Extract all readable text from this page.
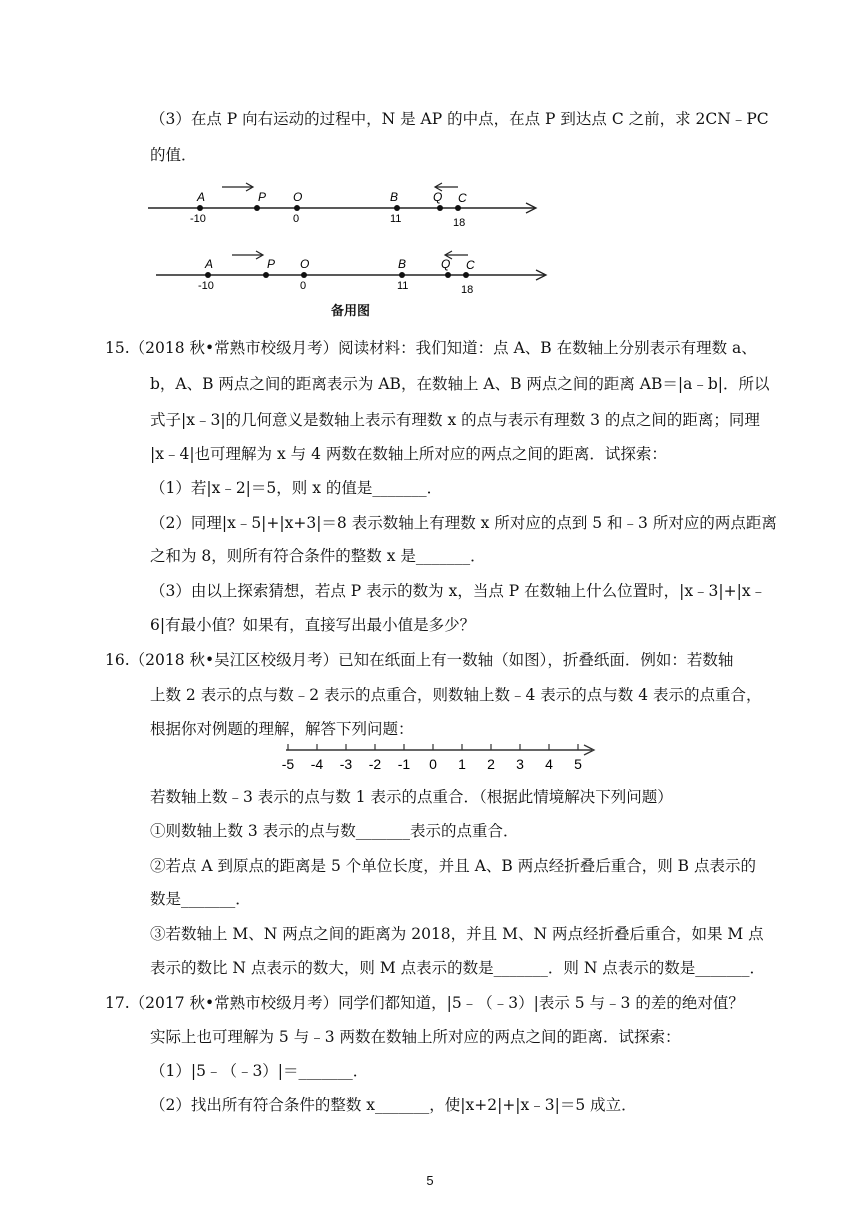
（3）在点 P 向右运动的过程中，N 是 AP 的中点，在点 P 到达点 C 之前，求 2CN﹣PC
的值．
A	P O	B	Q C
-10	0	11	18
A	P O	B	Q C
-10	0	11	18
备用图
15.（2018 秋•常熟市校级月考）阅读材料：我们知道：点 A、B 在数轴上分别表示有理数 a、
b，A、B 两点之间的距离表示为 AB，在数轴上 A、B 两点之间的距离 AB＝|a﹣b|．所以
式子|x﹣3|的几何意义是数轴上表示有理数 x 的点与表示有理数 3 的点之间的距离；同理
|x﹣4|也可理解为 x 与 4 两数在数轴上所对应的两点之间的距离．试探索：
（1）若|x﹣2|＝5，则 x 的值是_______．
（2）同理|x﹣5|+|x+3|＝8 表示数轴上有理数 x 所对应的点到 5 和﹣3 所对应的两点距离
之和为 8，则所有符合条件的整数 x 是_______．
（3）由以上探索猜想，若点 P 表示的数为 x，当点 P 在数轴上什么位置时，|x﹣3|+|x﹣
6|有最小值？如果有，直接写出最小值是多少？
16.（2018 秋•吴江区校级月考）已知在纸面上有一数轴（如图），折叠纸面．例如：若数轴
上数 2 表示的点与数﹣2 表示的点重合，则数轴上数﹣4 表示的点与数 4 表示的点重合，
根据你对例题的理解，解答下列问题：
-5 -4 -3 -2 -1 0 1 2 3 4 5
若数轴上数﹣3 表示的点与数 1 表示的点重合．（根据此情境解决下列问题）
①则数轴上数 3 表示的点与数_______表示的点重合．
②若点 A 到原点的距离是 5 个单位长度，并且 A、B 两点经折叠后重合，则 B 点表示的
数是_______．
③若数轴上 M、N 两点之间的距离为 2018，并且 M、N 两点经折叠后重合，如果 M 点
表示的数比 N 点表示的数大，则 M 点表示的数是_______．则 N 点表示的数是_______．
17.（2017 秋•常熟市校级月考）同学们都知道，|5﹣（﹣3）|表示 5 与﹣3 的差的绝对值？
实际上也可理解为 5 与﹣3 两数在数轴上所对应的两点之间的距离．试探索：
（1）|5﹣（﹣3）|＝_______．
（2）找出所有符合条件的整数 x_______，使|x+2|+|x﹣3|＝5 成立．
5
